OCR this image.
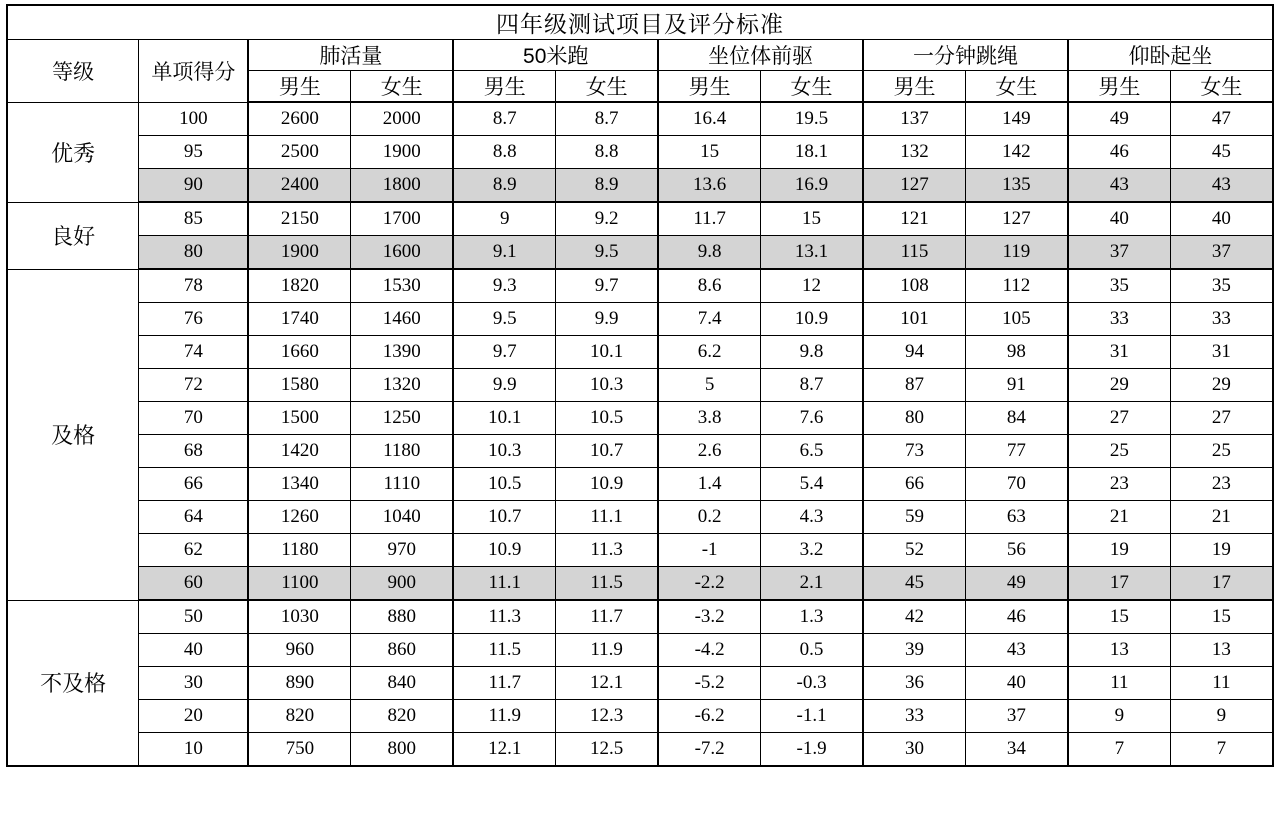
四年级测试项目及评分标准											
等级	单项得分	肺活量		50米跑		坐位体前驱		一分钟跳绳		仰卧起坐	
		男生	女生	男生	女生	男生	女生	男生	女生	男生	女生
优秀	100	2600	2000	8.7	8.7	16.4	19.5	137	149	49	47
	95	2500	1900	8.8	8.8	15	18.1	132	142	46	45
	90	2400	1800	8.9	8.9	13.6	16.9	127	135	43	43
良好	85	2150	1700	9	9.2	11.7	15	121	127	40	40
	80	1900	1600	9.1	9.5	9.8	13.1	115	119	37	37
及格	78	1820	1530	9.3	9.7	8.6	12	108	112	35	35
	76	1740	1460	9.5	9.9	7.4	10.9	101	105	33	33
	74	1660	1390	9.7	10.1	6.2	9.8	94	98	31	31
	72	1580	1320	9.9	10.3	5	8.7	87	91	29	29
	70	1500	1250	10.1	10.5	3.8	7.6	80	84	27	27
	68	1420	1180	10.3	10.7	2.6	6.5	73	77	25	25
	66	1340	1110	10.5	10.9	1.4	5.4	66	70	23	23
	64	1260	1040	10.7	11.1	0.2	4.3	59	63	21	21
	62	1180	970	10.9	11.3	-1	3.2	52	56	19	19
	60	1100	900	11.1	11.5	-2.2	2.1	45	49	17	17
不及格	50	1030	880	11.3	11.7	-3.2	1.3	42	46	15	15
	40	960	860	11.5	11.9	-4.2	0.5	39	43	13	13
	30	890	840	11.7	12.1	-5.2	-0.3	36	40	11	11
	20	820	820	11.9	12.3	-6.2	-1.1	33	37	9	9
	10	750	800	12.1	12.5	-7.2	-1.9	30	34	7	7
